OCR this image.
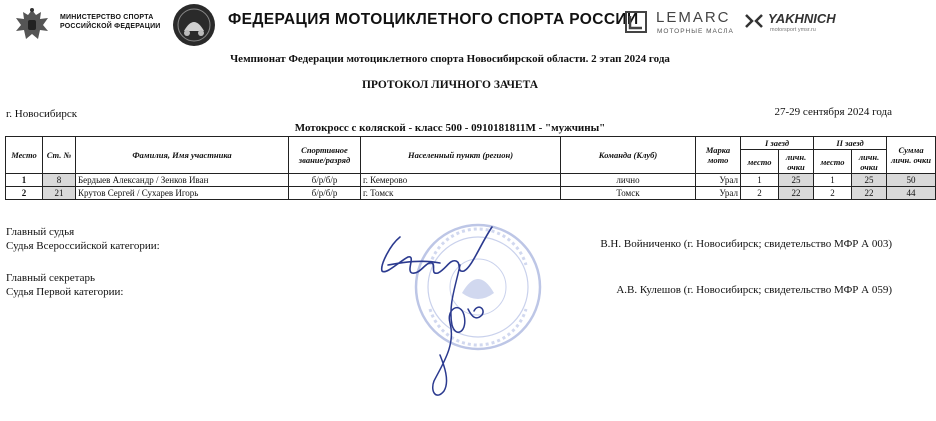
МИНИСТЕРСТВО СПОРТА
РОССИЙСКОЙ ФЕДЕРАЦИИ	ФЕДЕРАЦИЯ МОТОЦИКЛЕТНОГО СПОРТА РОССИИ LEMARC
МОТОРНЫЕ МАСЛА
YAKHNICH
motorsport ymsr.ru
Чемпионат Федерации мотоциклетного спорта Новосибирской области. 2 этап 2024 года
ПРОТОКОЛ ЛИЧНОГО ЗАЧЕТА
г. Новосибирск	27-29 сентября 2024 года
Мотокросс с коляской - класс 500 - 0910181811М - "мужчины"
Место	Ст. №	Фамилия, Имя участника	Спортивное звание/разряд	Населенный пункт (регион)	Команда (Клуб)	Марка мото	I заезд		II заезд		Сумма личн. очки
							место	личн. очки	место	личн. очки	
1	8	Бердыев Александр / Зенков Иван	б/р/б/р	г. Кемерово	лично	Урал	1	25	1	25	50
2	21	Крутов Сергей / Сухарев Игорь	б/р/б/р	г. Томск	Томск	Урал	2	22	2	22	44
Главный судья
Судья Всероссийской категории:	В.Н. Войниченко (г. Новосибирск; свидетельство МФР А 003)
Главный секретарь
Судья Первой категории:	А.В. Кулешов (г. Новосибирск; свидетельство МФР А 059)
